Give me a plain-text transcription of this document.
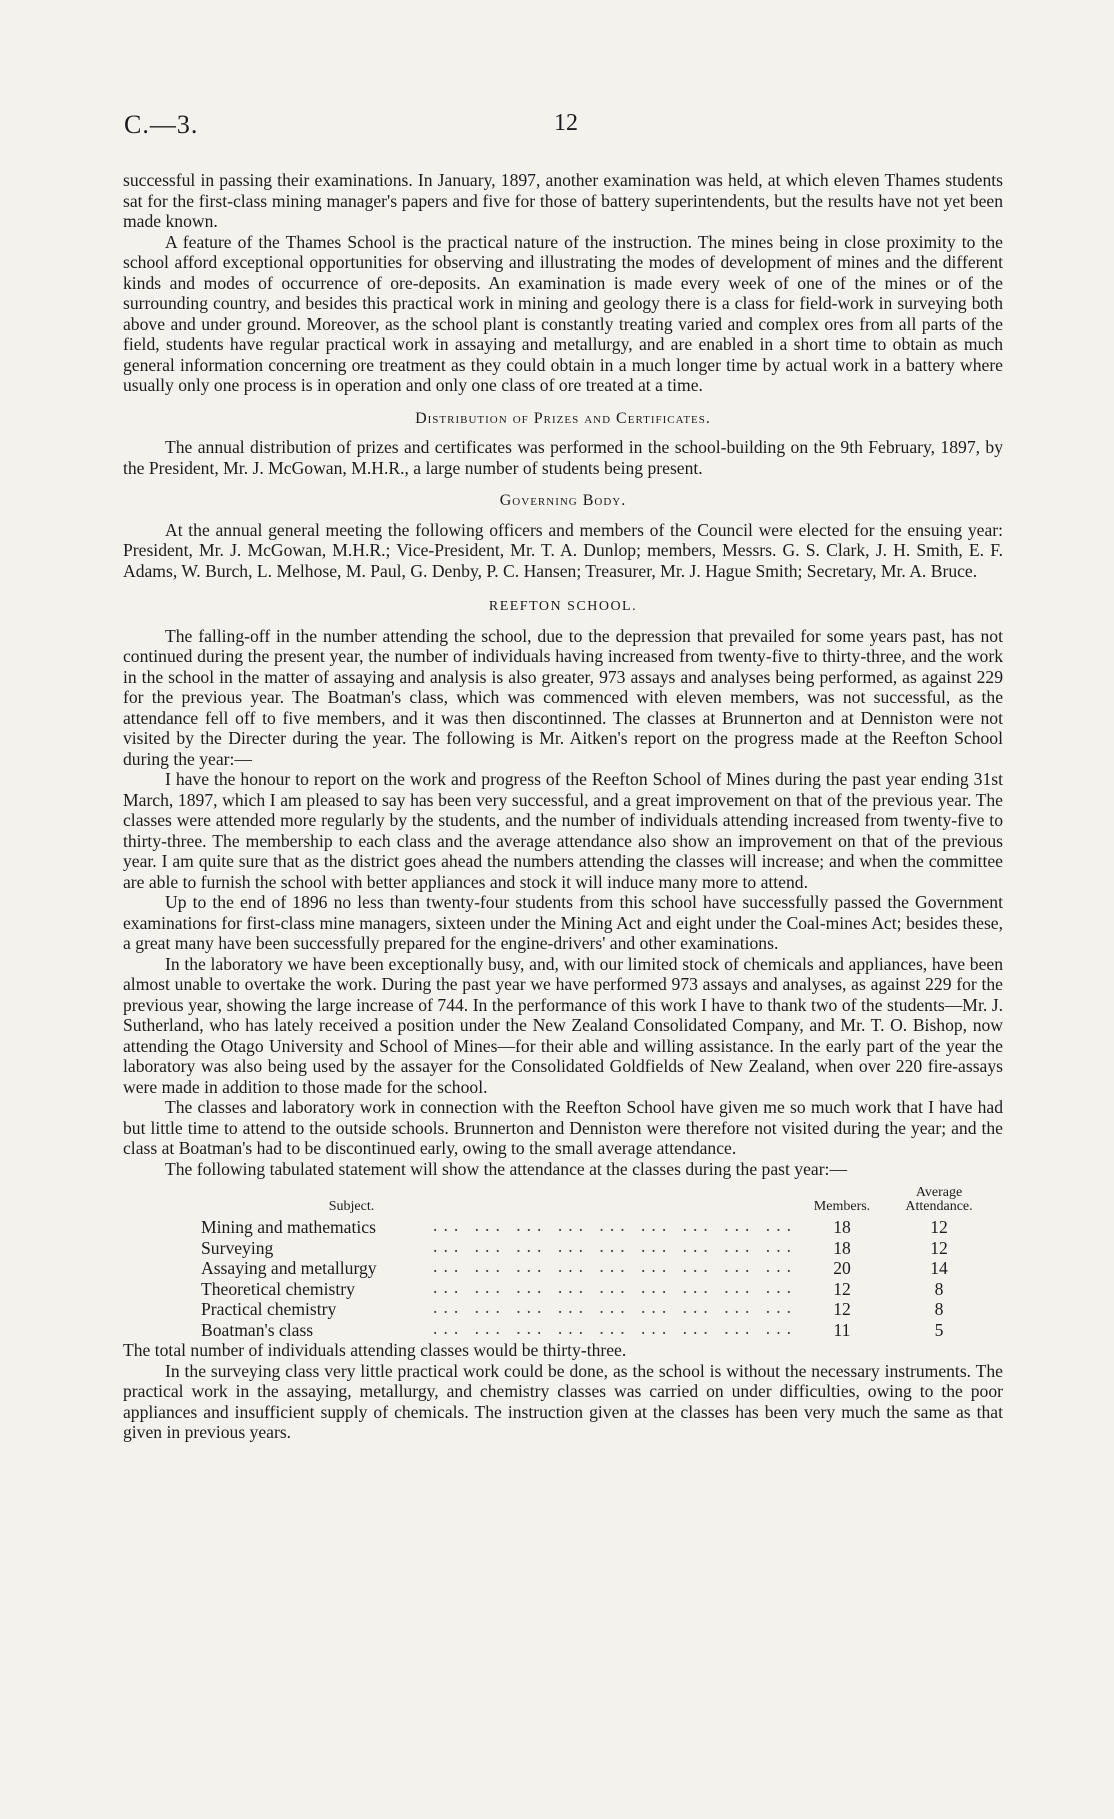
C.—3.	12

successful in passing their examinations. In January, 1897, another examination was held, at which eleven Thames students sat for the first-class mining manager's papers and five for those of battery superintendents, but the results have not yet been made known.

A feature of the Thames School is the practical nature of the instruction. The mines being in close proximity to the school afford exceptional opportunities for observing and illustrating the modes of development of mines and the different kinds and modes of occurrence of ore-deposits. An examination is made every week of one of the mines or of the surrounding country, and besides this practical work in mining and geology there is a class for field-work in surveying both above and under ground. Moreover, as the school plant is constantly treating varied and complex ores from all parts of the field, students have regular practical work in assaying and metallurgy, and are enabled in a short time to obtain as much general information concerning ore treatment as they could obtain in a much longer time by actual work in a battery where usually only one process is in operation and only one class of ore treated at a time.

Distribution of Prizes and Certificates.

The annual distribution of prizes and certificates was performed in the school-building on the 9th February, 1897, by the President, Mr. J. McGowan, M.H.R., a large number of students being present.

Governing Body.

At the annual general meeting the following officers and members of the Council were elected for the ensuing year: President, Mr. J. McGowan, M.H.R.; Vice-President, Mr. T. A. Dunlop; members, Messrs. G. S. Clark, J. H. Smith, E. F. Adams, W. Burch, L. Melhose, M. Paul, G. Denby, P. C. Hansen; Treasurer, Mr. J. Hague Smith; Secretary, Mr. A. Bruce.

REEFTON SCHOOL.

The falling-off in the number attending the school, due to the depression that prevailed for some years past, has not continued during the present year, the number of individuals having increased from twenty-five to thirty-three, and the work in the school in the matter of assaying and analysis is also greater, 973 assays and analyses being performed, as against 229 for the previous year. The Boatman's class, which was commenced with eleven members, was not successful, as the attendance fell off to five members, and it was then discontinned. The classes at Brunnerton and at Denniston were not visited by the Directer during the year. The following is Mr. Aitken's report on the progress made at the Reefton School during the year:—

I have the honour to report on the work and progress of the Reefton School of Mines during the past year ending 31st March, 1897, which I am pleased to say has been very successful, and a great improvement on that of the previous year. The classes were attended more regularly by the students, and the number of individuals attending increased from twenty-five to thirty-three. The membership to each class and the average attendance also show an improvement on that of the previous year. I am quite sure that as the district goes ahead the numbers attending the classes will increase; and when the committee are able to furnish the school with better appliances and stock it will induce many more to attend.

Up to the end of 1896 no less than twenty-four students from this school have successfully passed the Government examinations for first-class mine managers, sixteen under the Mining Act and eight under the Coal-mines Act; besides these, a great many have been successfully prepared for the engine-drivers' and other examinations.

In the laboratory we have been exceptionally busy, and, with our limited stock of chemicals and appliances, have been almost unable to overtake the work. During the past year we have performed 973 assays and analyses, as against 229 for the previous year, showing the large increase of 744. In the performance of this work I have to thank two of the students—Mr. J. Sutherland, who has lately received a position under the New Zealand Consolidated Company, and Mr. T. O. Bishop, now attending the Otago University and School of Mines—for their able and willing assistance. In the early part of the year the laboratory was also being used by the assayer for the Consolidated Goldfields of New Zealand, when over 220 fire-assays were made in addition to those made for the school.

The classes and laboratory work in connection with the Reefton School have given me so much work that I have had but little time to attend to the outside schools. Brunnerton and Denniston were therefore not visited during the year; and the class at Boatman's had to be discontinued early, owing to the small average attendance.

The following tabulated statement will show the attendance at the classes during the past year:—

Subject.	Members.	Average Attendance.
Mining and mathematics ... ... ... ... ... ... ... ... ...	18	12
Surveying ... ... ... ... ... ... ... ... ...	18	12
Assaying and metallurgy ... ... ... ... ... ... ... ... ...	20	14
Theoretical chemistry ... ... ... ... ... ... ... ... ...	12	8
Practical chemistry ... ... ... ... ... ... ... ... ...	12	8
Boatman's class ... ... ... ... ... ... ... ... ...	11	5

The total number of individuals attending classes would be thirty-three.

In the surveying class very little practical work could be done, as the school is without the necessary instruments. The practical work in the assaying, metallurgy, and chemistry classes was carried on under difficulties, owing to the poor appliances and insufficient supply of chemicals. The instruction given at the classes has been very much the same as that given in previous years.
